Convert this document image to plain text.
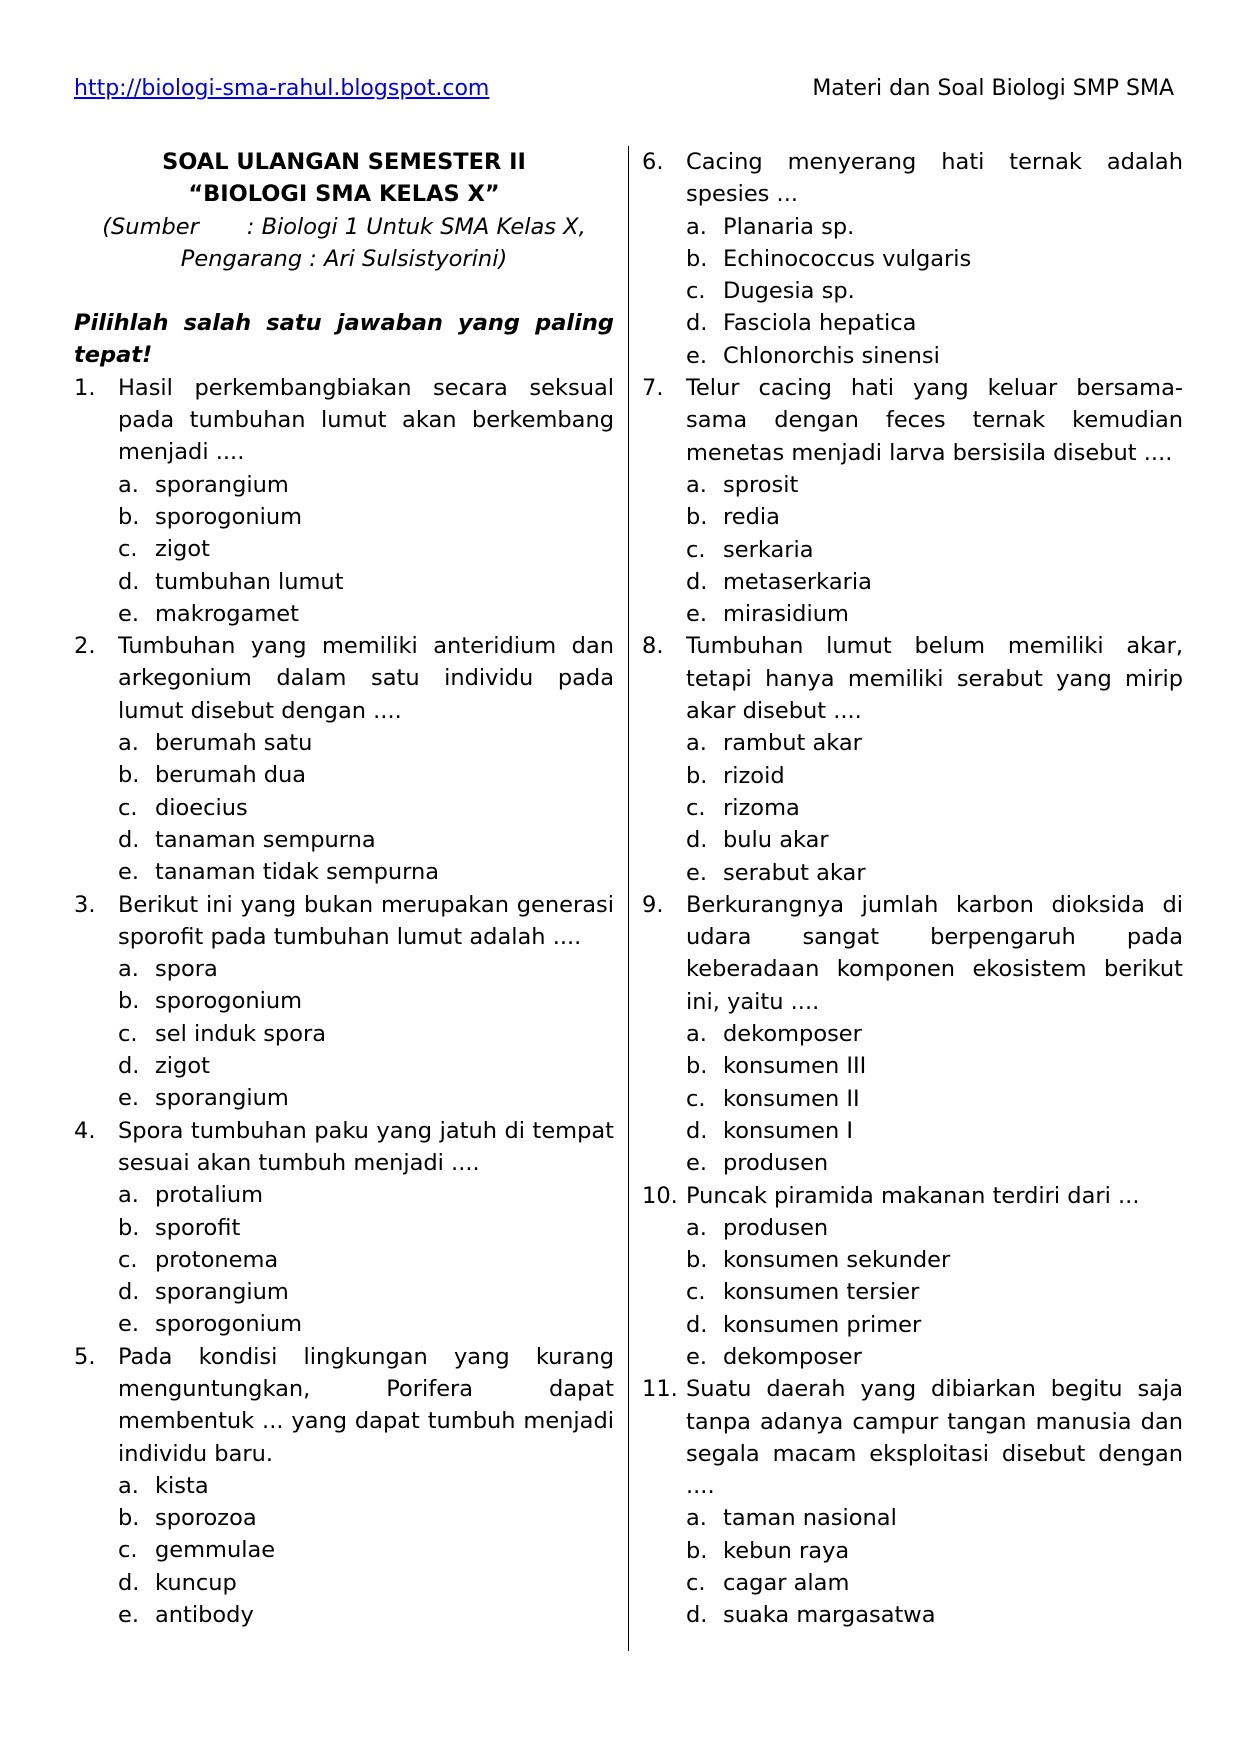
http://biologi-sma-rahul.blogspot.com	Materi dan Soal Biologi SMP SMA
SOAL ULANGAN SEMESTER II
“BIOLOGI SMA KELAS X”
(Sumber : Biologi 1 Untuk SMA Kelas X,
Pengarang : Ari Sulsistyorini)
Pilihlah salah satu jawaban yang paling tepat!
1.	Hasil perkembangbiakan secara seksual pada tumbuhan lumut akan berkembang menjadi ....
a. sporangium
b. sporogonium
c. zigot
d. tumbuhan lumut
e. makrogamet
2.	Tumbuhan yang memiliki anteridium dan arkegonium dalam satu individu pada lumut disebut dengan ....
a. berumah satu
b. berumah dua
c. dioecius
d. tanaman sempurna
e. tanaman tidak sempurna
3.	Berikut ini yang bukan merupakan generasi sporofit pada tumbuhan lumut adalah ....
a. spora
b. sporogonium
c. sel induk spora
d. zigot
e. sporangium
4.	Spora tumbuhan paku yang jatuh di tempat sesuai akan tumbuh menjadi ....
a. protalium
b. sporofit
c. protonema
d. sporangium
e. sporogonium
5.	Pada kondisi lingkungan yang kurang menguntungkan, Porifera dapat membentuk ... yang dapat tumbuh menjadi individu baru.
a. kista
b. sporozoa
c. gemmulae
d. kuncup
e. antibody
6.	Cacing menyerang hati ternak adalah spesies ...
a. Planaria sp.
b. Echinococcus vulgaris
c. Dugesia sp.
d. Fasciola hepatica
e. Chlonorchis sinensi
7.	Telur cacing hati yang keluar bersama-sama dengan feces ternak kemudian menetas menjadi larva bersisila disebut ....
a. sprosit
b. redia
c. serkaria
d. metaserkaria
e. mirasidium
8.	Tumbuhan lumut belum memiliki akar, tetapi hanya memiliki serabut yang mirip akar disebut ....
a. rambut akar
b. rizoid
c. rizoma
d. bulu akar
e. serabut akar
9.	Berkurangnya jumlah karbon dioksida di udara sangat berpengaruh pada keberadaan komponen ekosistem berikut ini, yaitu ....
a. dekomposer
b. konsumen III
c. konsumen II
d. konsumen I
e. produsen
10. Puncak piramida makanan terdiri dari ...
a. produsen
b. konsumen sekunder
c. konsumen tersier
d. konsumen primer
e. dekomposer
11. Suatu daerah yang dibiarkan begitu saja tanpa adanya campur tangan manusia dan segala macam eksploitasi disebut dengan ....
a. taman nasional
b. kebun raya
c. cagar alam
d. suaka margasatwa
